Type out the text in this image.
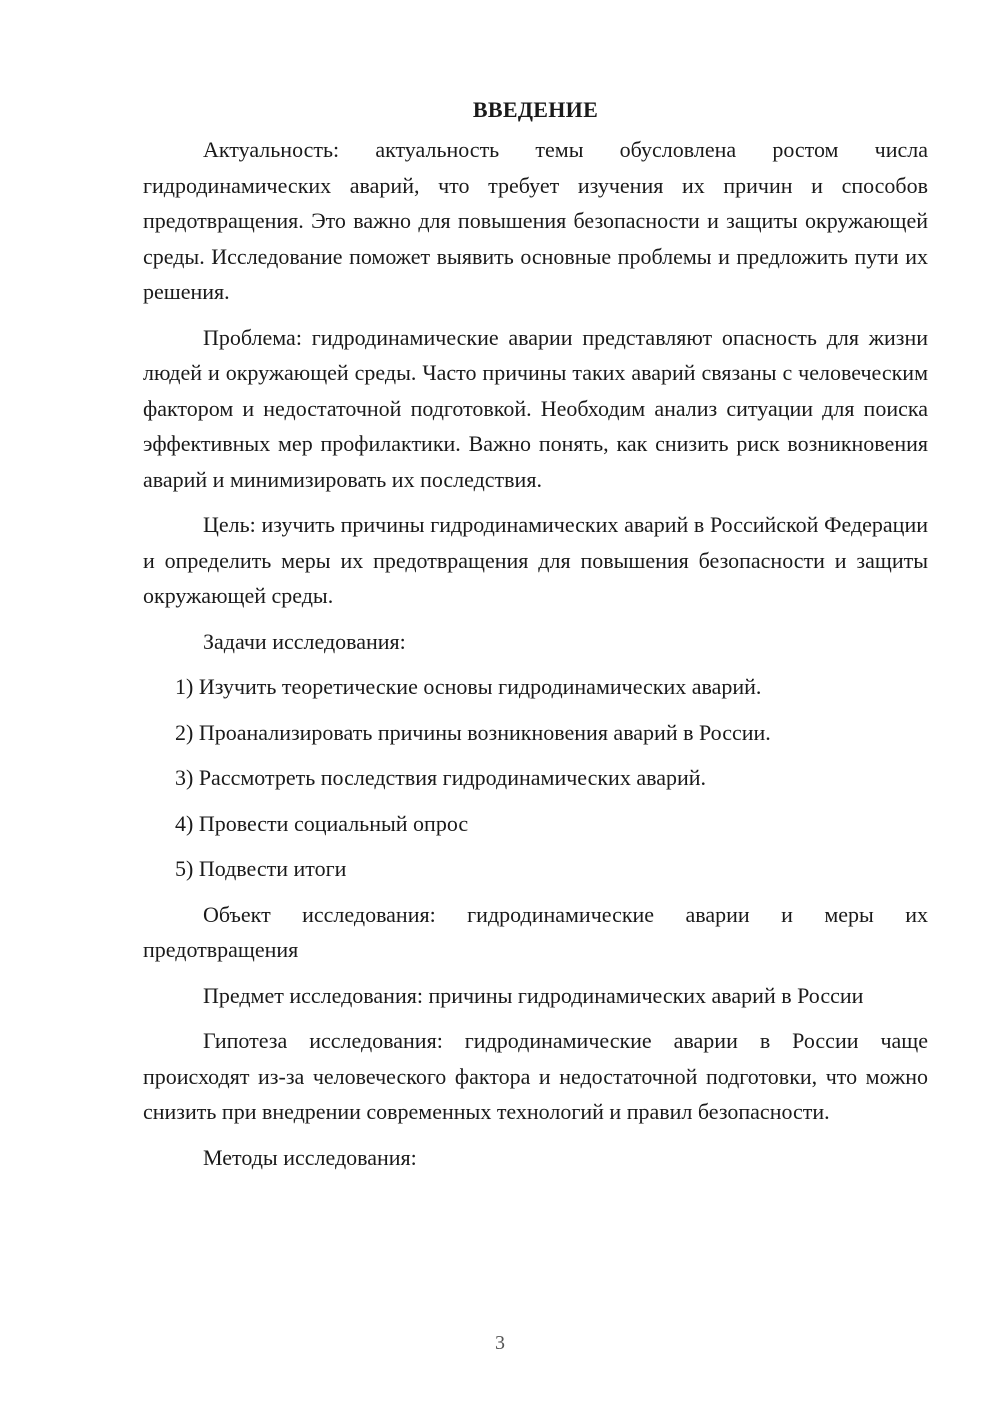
ВВЕДЕНИЕ

Актуальность: актуальность темы обусловлена ростом числа гидродинамических аварий, что требует изучения их причин и способов предотвращения. Это важно для повышения безопасности и защиты окружающей среды. Исследование поможет выявить основные проблемы и предложить пути их решения.

Проблема: гидродинамические аварии представляют опасность для жизни людей и окружающей среды. Часто причины таких аварий связаны с человеческим фактором и недостаточной подготовкой. Необходим анализ ситуации для поиска эффективных мер профилактики. Важно понять, как снизить риск возникновения аварий и минимизировать их последствия.

Цель: изучить причины гидродинамических аварий в Российской Федерации и определить меры их предотвращения для повышения безопасности и защиты окружающей среды.

Задачи исследования:

1) Изучить теоретические основы гидродинамических аварий.
2) Проанализировать причины возникновения аварий в России.
3) Рассмотреть последствия гидродинамических аварий.
4) Провести социальный опрос
5) Подвести итоги

Объект исследования: гидродинамические аварии и меры их предотвращения

Предмет исследования: причины гидродинамических аварий в России

Гипотеза исследования: гидродинамические аварии в России чаще происходят из-за человеческого фактора и недостаточной подготовки, что можно снизить при внедрении современных технологий и правил безопасности.

Методы исследования:

3
